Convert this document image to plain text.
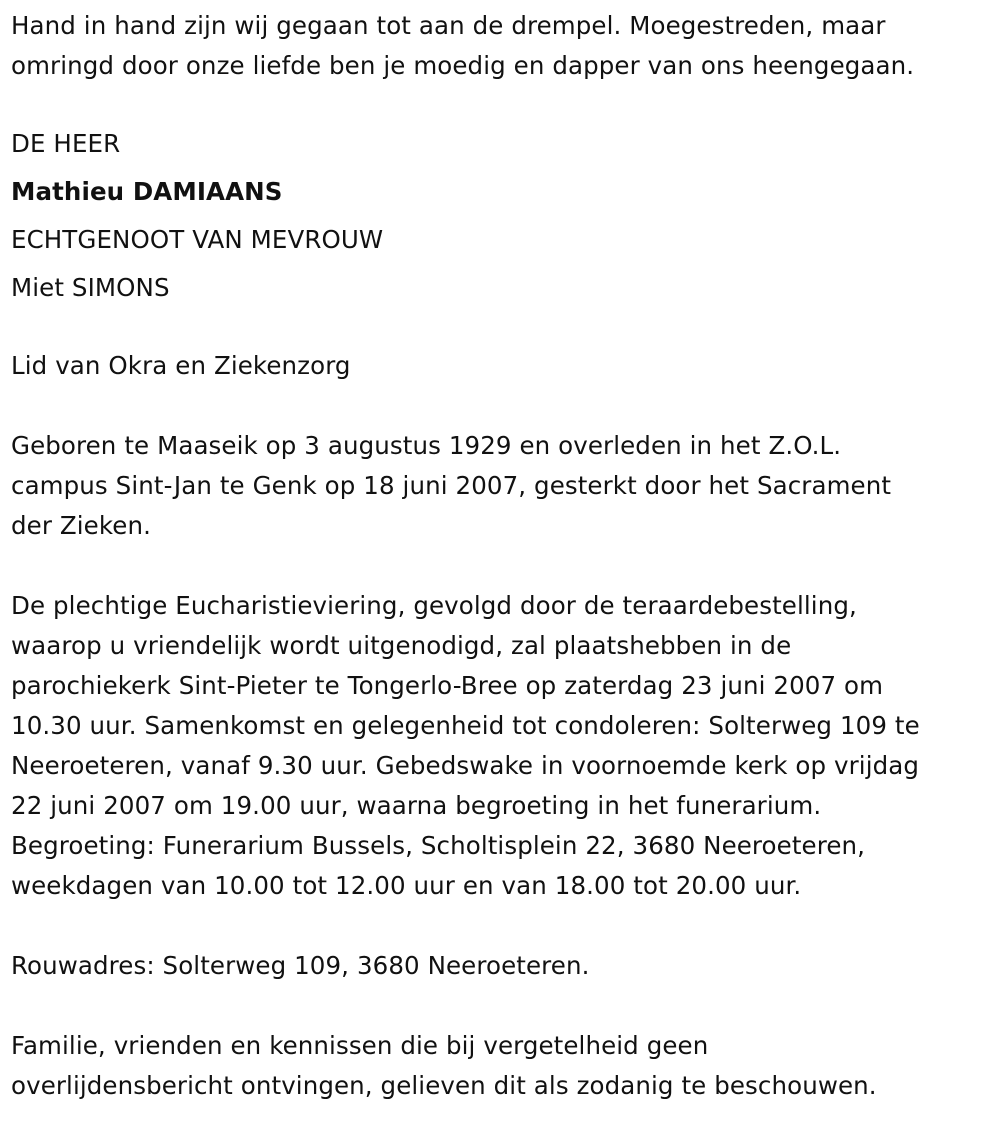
Hand in hand zijn wij gegaan tot aan de drempel. Moegestreden, maar
omringd door onze liefde ben je moedig en dapper van ons heengegaan.
DE HEER
Mathieu DAMIAANS
ECHTGENOOT VAN MEVROUW
Miet SIMONS
Lid van Okra en Ziekenzorg
Geboren te Maaseik op 3 augustus 1929 en overleden in het Z.O.L.
campus Sint-Jan te Genk op 18 juni 2007, gesterkt door het Sacrament
der Zieken.
De plechtige Eucharistieviering, gevolgd door de teraardebestelling,
waarop u vriendelijk wordt uitgenodigd, zal plaatshebben in de
parochiekerk Sint-Pieter te Tongerlo-Bree op zaterdag 23 juni 2007 om
10.30 uur. Samenkomst en gelegenheid tot condoleren: Solterweg 109 te
Neeroeteren, vanaf 9.30 uur. Gebedswake in voornoemde kerk op vrijdag
22 juni 2007 om 19.00 uur, waarna begroeting in het funerarium.
Begroeting: Funerarium Bussels, Scholtisplein 22, 3680 Neeroeteren,
weekdagen van 10.00 tot 12.00 uur en van 18.00 tot 20.00 uur.
Rouwadres: Solterweg 109, 3680 Neeroeteren.
Familie, vrienden en kennissen die bij vergetelheid geen
overlijdensbericht ontvingen, gelieven dit als zodanig te beschouwen.
